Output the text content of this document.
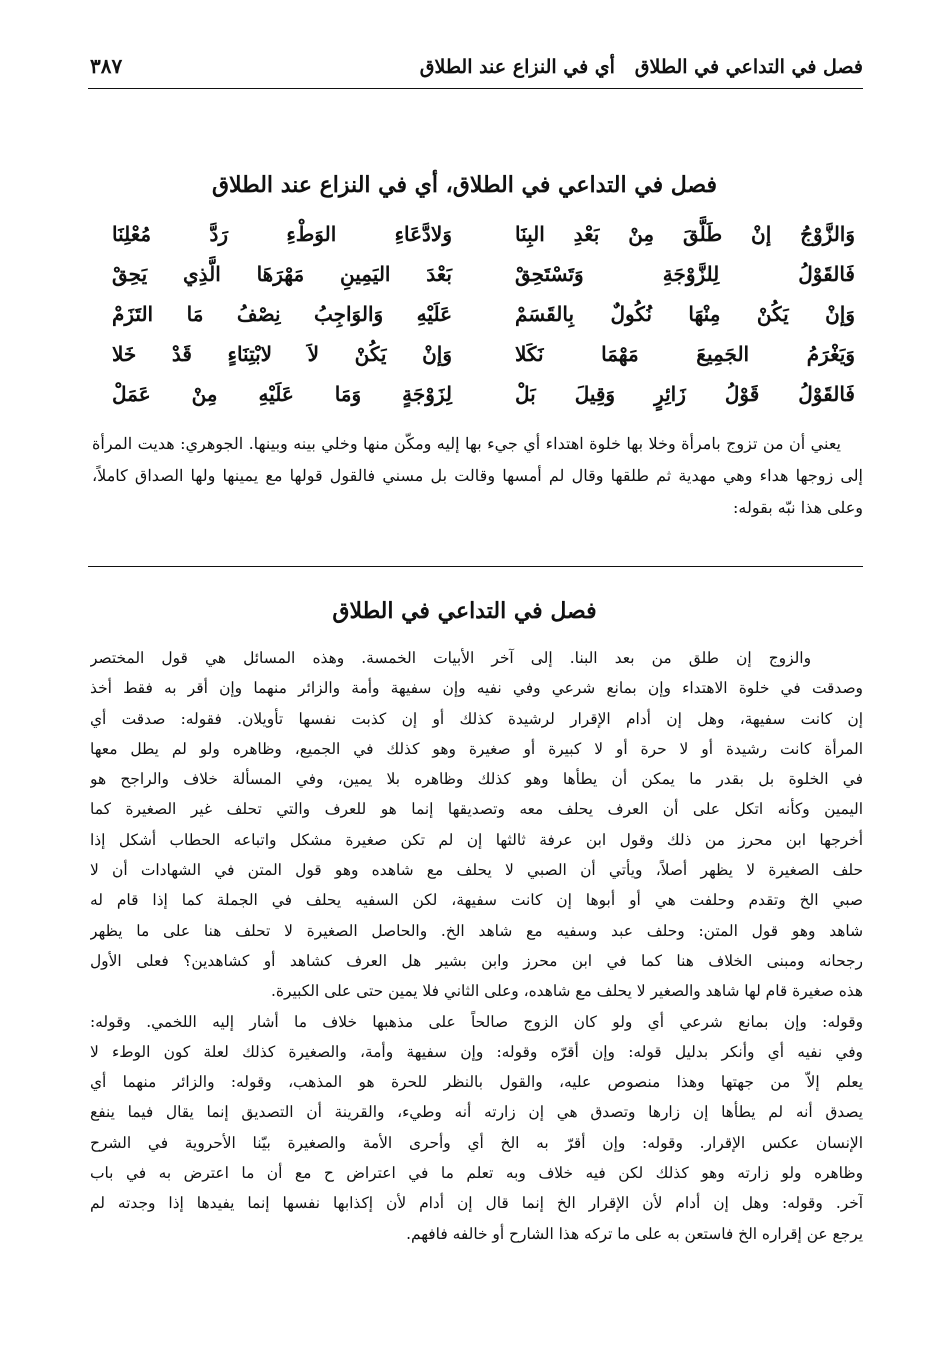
فصل في التداعي في الطلاق   أي في النزاع عند الطلاق
٣٨٧
فصل في التداعي في الطلاق، أي في النزاع عند الطلاق
وَالزَّوْجُ إنْ طَلَّقَ مِنْ بَعْدِ البِنَا
وَلادَّعَاءِ الوَطْءِ رَدَّ مُعْلِنَا
فَالقَوْلُ لِلزَّوْجَةِ وَتَسْتَحِقْ
بَعْدَ اليَمِينِ مَهْرَهَا الَّذِي يَحِقْ
وَإنْ يَكُنْ مِنْهَا نُكُولٌ بِالقَسَمْ
عَلَيْهِ وَالوَاجِبُ نِصْفُ مَا التَزَمْ
وَيَغْرَمُ الجَمِيعَ مَهْمَا نَكَلا
وَإنْ يَكُنْ لاَ لابْتِنَاءٍ قَدْ خَلا
فَالقَوْلُ قَوْلُ زَائِرٍ وَقِيلَ بَلْ
لِزَوْجَةٍ وَمَا عَلَيْهِ مِنْ عَمَلْ

يعني أن من تزوج بامرأة وخلا بها خلوة اهتداء أي جيء بها إليه ومكّن منها وخلي بينه وبينها. الجوهري: هديت المرأة إلى زوجها هداء وهي مهدية ثم طلقها وقال لم أمسها وقالت بل مسني فالقول قولها مع يمينها ولها الصداق كاملاً، وعلى هذا نبّه بقوله:

فصل في التداعي في الطلاق
والزوج إن طلق من بعد البنا. إلى آخر الأبيات الخمسة. وهذه المسائل هي قول المختصر
وصدقت في خلوة الاهتداء وإن بمانع شرعي وفي نفيه وإن سفيهة وأمة والزائر منهما وإن أقر به فقط أخذ
إن كانت سفيهة، وهل إن أدام الإقرار لرشيدة كذلك أو إن كذبت نفسها تأويلان. فقوله: صدقت أي
المرأة كانت رشيدة أو لا حرة أو لا كبيرة أو صغيرة وهو كذلك في الجميع، وظاهره ولو لم يطل معها
في الخلوة بل بقدر ما يمكن أن يطأها وهو كذلك وظاهره بلا يمين، وفي المسألة خلاف والراجح هو
اليمين وكأنه اتكل على أن العرف يحلف معه وتصديقها إنما هو للعرف والتي تحلف غير الصغيرة كما
أخرجها ابن محرز من ذلك وقول ابن عرفة ثالثها إن لم تكن صغيرة مشكل واتباعه الحطاب أشكل إذا
حلف الصغيرة لا يظهر أصلاً، ويأتي أن الصبي لا يحلف مع شاهده وهو قول المتن في الشهادات أن لا
صبي الخ وتقدم وحلفت هي أو أبوها إن كانت سفيهة، لكن السفيه يحلف في الجملة كما إذا قام له
شاهد وهو قول المتن: وحلف عبد وسفيه مع شاهد الخ. والحاصل الصغيرة لا تحلف هنا على ما يظهر
رجحانه ومبنى الخلاف هنا كما في ابن محرز وابن بشير هل العرف كشاهد أو كشاهدين؟ فعلى الأول
هذه صغيرة قام لها شاهد والصغير لا يحلف مع شاهده، وعلى الثاني فلا يمين حتى على الكبيرة.
وقوله: وإن بمانع شرعي أي ولو كان الزوج صالحاً على مذهبها خلاف ما أشار إليه اللخمي. وقوله:
وفي نفيه أي وأنكر بدليل قوله: وإن أقرّه وقوله: وإن سفيهة وأمة، والصغيرة كذلك لعلة كون الوطء لا
يعلم إلاّ من جهتها وهذا منصوص عليه، والقول بالنظر للحرة هو المذهب، وقوله: والزائر منهما أي
يصدق أنه لم يطأها إن زارها وتصدق هي إن زارته أنه وطيء، والقرينة أن التصديق إنما يقال فيما ينفع
الإنسان عكس الإقرار. وقوله: وإن أقرّ به الخ أي وأحرى الأمة والصغيرة بيّنا الأحروية في الشرح
وظاهره ولو زارته وهو كذلك لكن فيه خلاف وبه تعلم ما في اعتراض ح مع أن ما اعترض به في باب
آخر. وقوله: وهل إن أدام لأن الإقرار الخ إنما قال إن أدام لأن إكذابها نفسها إنما يفيدها إذا وجدته لم
يرجع عن إقراره الخ فاستعن به على ما تركه هذا الشارح أو خالفه فافهم.
